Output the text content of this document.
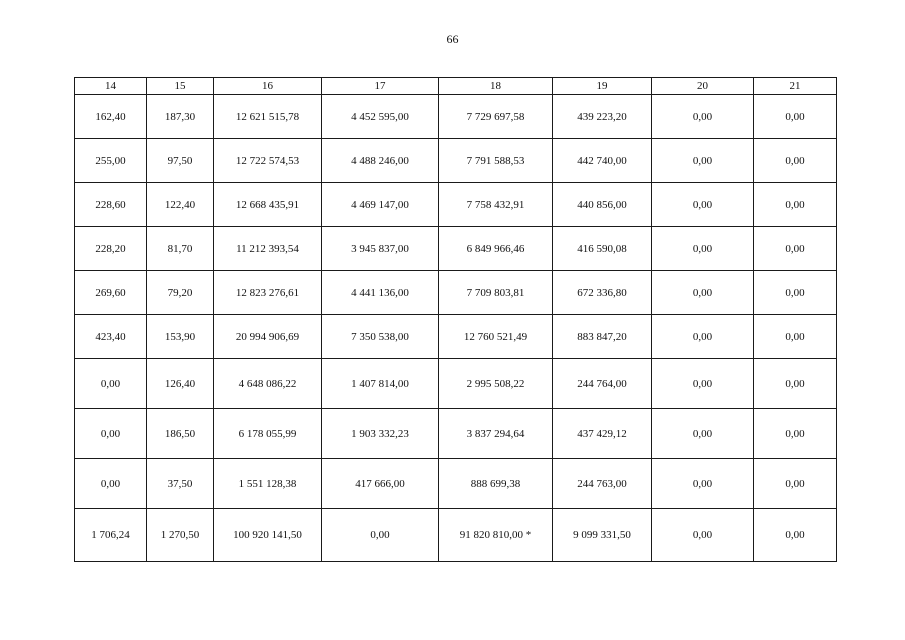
66
14	15	16	17	18	19	20	21
162,40	187,30	12 621 515,78	4 452 595,00	7 729 697,58	439 223,20	0,00	0,00
255,00	97,50	12 722 574,53	4 488 246,00	7 791 588,53	442 740,00	0,00	0,00
228,60	122,40	12 668 435,91	4 469 147,00	7 758 432,91	440 856,00	0,00	0,00
228,20	81,70	11 212 393,54	3 945 837,00	6 849 966,46	416 590,08	0,00	0,00
269,60	79,20	12 823 276,61	4 441 136,00	7 709 803,81	672 336,80	0,00	0,00
423,40	153,90	20 994 906,69	7 350 538,00	12 760 521,49	883 847,20	0,00	0,00
0,00	126,40	4 648 086,22	1 407 814,00	2 995 508,22	244 764,00	0,00	0,00
0,00	186,50	6 178 055,99	1 903 332,23	3 837 294,64	437 429,12	0,00	0,00
0,00	37,50	1 551 128,38	417 666,00	888 699,38	244 763,00	0,00	0,00
1 706,24	1 270,50	100 920 141,50	0,00	91 820 810,00 *	9 099 331,50	0,00	0,00
